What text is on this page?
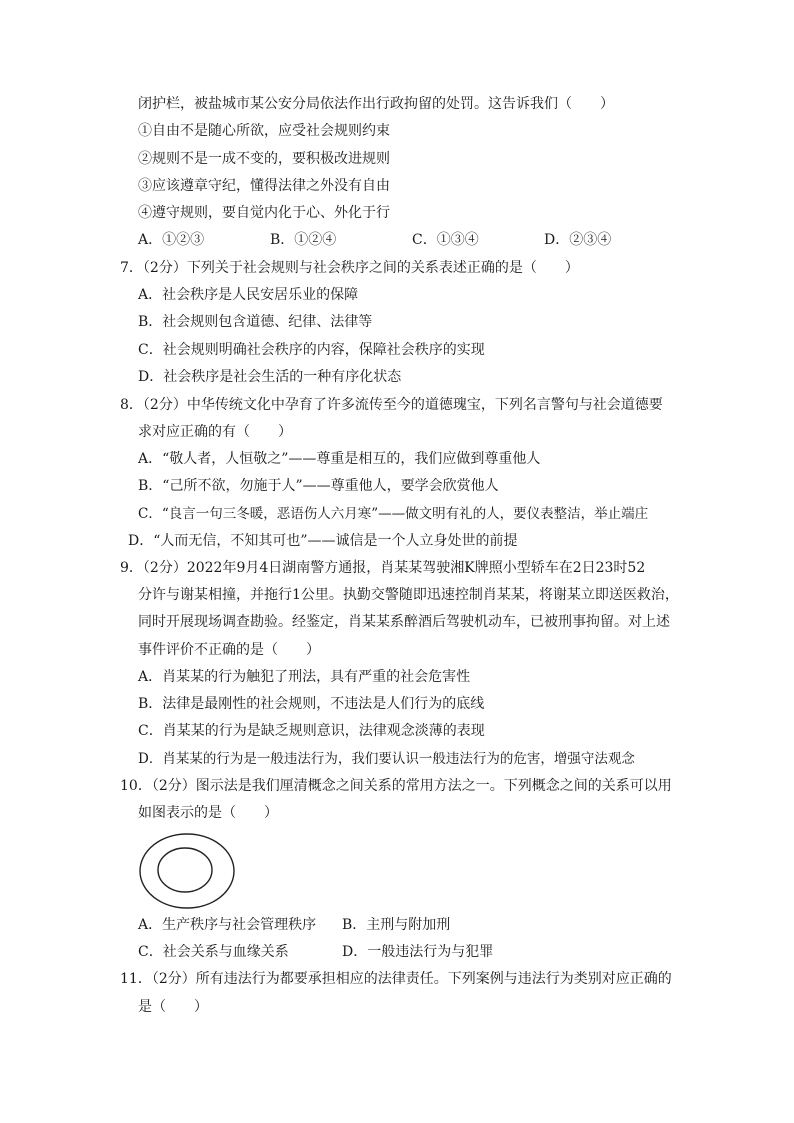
闭护栏，被盐城市某公安分局依法作出行政拘留的处罚。这告诉我们（　　）
①自由不是随心所欲，应受社会规则约束
②规则不是一成不变的，要积极改进规则
③应该遵章守纪，懂得法律之外没有自由
④遵守规则，要自觉内化于心、外化于行
A．①②③	B．①②④	C．①③④	D．②③④
7．（2分）下列关于社会规则与社会秩序之间的关系表述正确的是（　　）
A．社会秩序是人民安居乐业的保障
B．社会规则包含道德、纪律、法律等
C．社会规则明确社会秩序的内容，保障社会秩序的实现
D．社会秩序是社会生活的一种有序化状态
8．（2分）中华传统文化中孕育了许多流传至今的道德瑰宝，下列名言警句与社会道德要
求对应正确的有（　　）
A．“敬人者，人恒敬之”——尊重是相互的，我们应做到尊重他人
B．“己所不欲，勿施于人”——尊重他人，要学会欣赏他人
C．“良言一句三冬暖，恶语伤人六月寒”——做文明有礼的人，要仪表整洁，举止端庄
D．“人而无信，不知其可也”——诚信是一个人立身处世的前提
9．（2分）2022年9月4日湖南警方通报，肖某某驾驶湘K牌照小型轿车在2日23时52
分许与谢某相撞，并拖行1公里。执勤交警随即迅速控制肖某某，将谢某立即送医救治，
同时开展现场调查勘验。经鉴定，肖某某系醉酒后驾驶机动车，已被刑事拘留。对上述
事件评价不正确的是（　　）
A．肖某某的行为触犯了刑法，具有严重的社会危害性
B．法律是最刚性的社会规则，不违法是人们行为的底线
C．肖某某的行为是缺乏规则意识，法律观念淡薄的表现
D．肖某某的行为是一般违法行为，我们要认识一般违法行为的危害，增强守法观念
10．（2分）图示法是我们厘清概念之间关系的常用方法之一。下列概念之间的关系可以用
如图表示的是（　　）
A．生产秩序与社会管理秩序 B．主刑与附加刑
C．社会关系与血缘关系	D．一般违法行为与犯罪
11．（2分）所有违法行为都要承担相应的法律责任。下列案例与违法行为类别对应正确的
是（　　）
